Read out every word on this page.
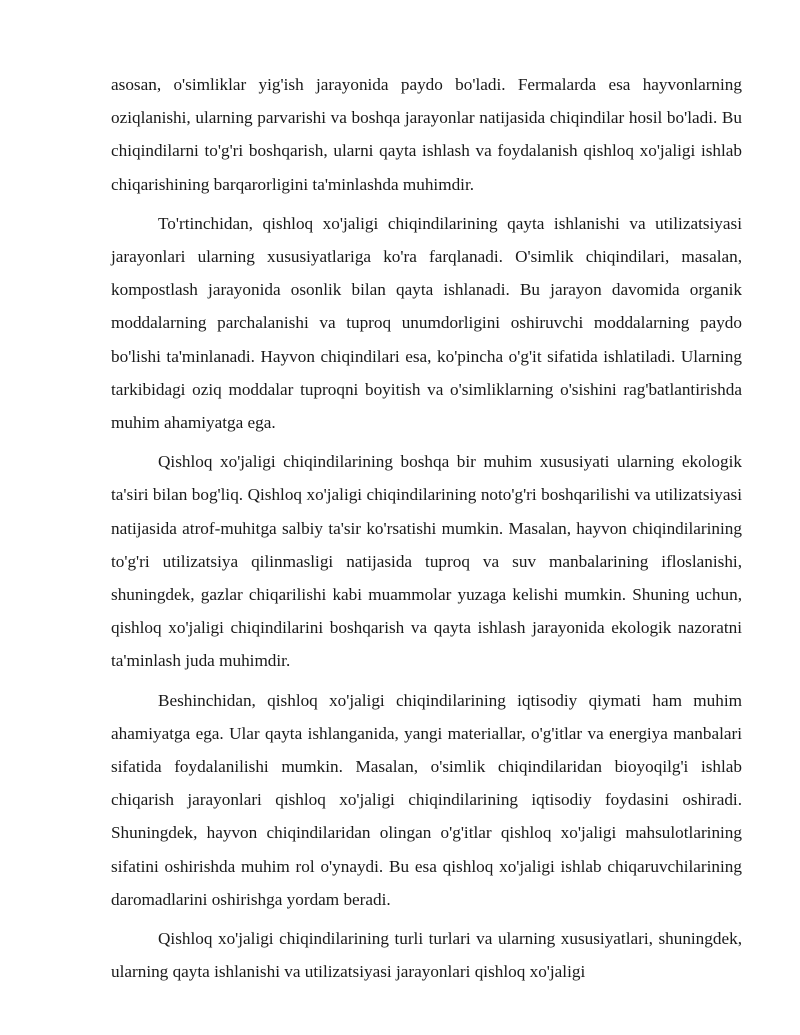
asosan, o'simliklar yig'ish jarayonida paydo bo'ladi. Fermalarda esa hayvonlarning oziqlanishi, ularning parvarishi va boshqa jarayonlar natijasida chiqindilar hosil bo'ladi. Bu chiqindilarni to'g'ri boshqarish, ularni qayta ishlash va foydalanish qishloq xo'jaligi ishlab chiqarishining barqarorligini ta'minlashda muhimdir.

To'rtinchidan, qishloq xo'jaligi chiqindilarining qayta ishlanishi va utilizatsiyasi jarayonlari ularning xususiyatlariga ko'ra farqlanadi. O'simlik chiqindilari, masalan, kompostlash jarayonida osonlik bilan qayta ishlanadi. Bu jarayon davomida organik moddalarning parchalanishi va tuproq unumdorligini oshiruvchi moddalarning paydo bo'lishi ta'minlanadi. Hayvon chiqindilari esa, ko'pincha o'g'it sifatida ishlatiladi. Ularning tarkibidagi oziq moddalar tuproqni boyitish va o'simliklarning o'sishini rag'batlantirishda muhim ahamiyatga ega.

Qishloq xo'jaligi chiqindilarining boshqa bir muhim xususiyati ularning ekologik ta'siri bilan bog'liq. Qishloq xo'jaligi chiqindilarining noto'g'ri boshqarilishi va utilizatsiyasi natijasida atrof-muhitga salbiy ta'sir ko'rsatishi mumkin. Masalan, hayvon chiqindilarining to'g'ri utilizatsiya qilinmasligi natijasida tuproq va suv manbalarining ifloslanishi, shuningdek, gazlar chiqarilishi kabi muammolar yuzaga kelishi mumkin. Shuning uchun, qishloq xo'jaligi chiqindilarini boshqarish va qayta ishlash jarayonida ekologik nazoratni ta'minlash juda muhimdir.

Beshinchidan, qishloq xo'jaligi chiqindilarining iqtisodiy qiymati ham muhim ahamiyatga ega. Ular qayta ishlanganida, yangi materiallar, o'g'itlar va energiya manbalari sifatida foydalanilishi mumkin. Masalan, o'simlik chiqindilaridan bioyoqilg'i ishlab chiqarish jarayonlari qishloq xo'jaligi chiqindilarining iqtisodiy foydasini oshiradi. Shuningdek, hayvon chiqindilaridan olingan o'g'itlar qishloq xo'jaligi mahsulotlarining sifatini oshirishda muhim rol o'ynaydi. Bu esa qishloq xo'jaligi ishlab chiqaruvchilarining daromadlarini oshirishga yordam beradi.

Qishloq xo'jaligi chiqindilarining turli turlari va ularning xususiyatlari, shuningdek, ularning qayta ishlanishi va utilizatsiyasi jarayonlari qishloq xo'jaligi
